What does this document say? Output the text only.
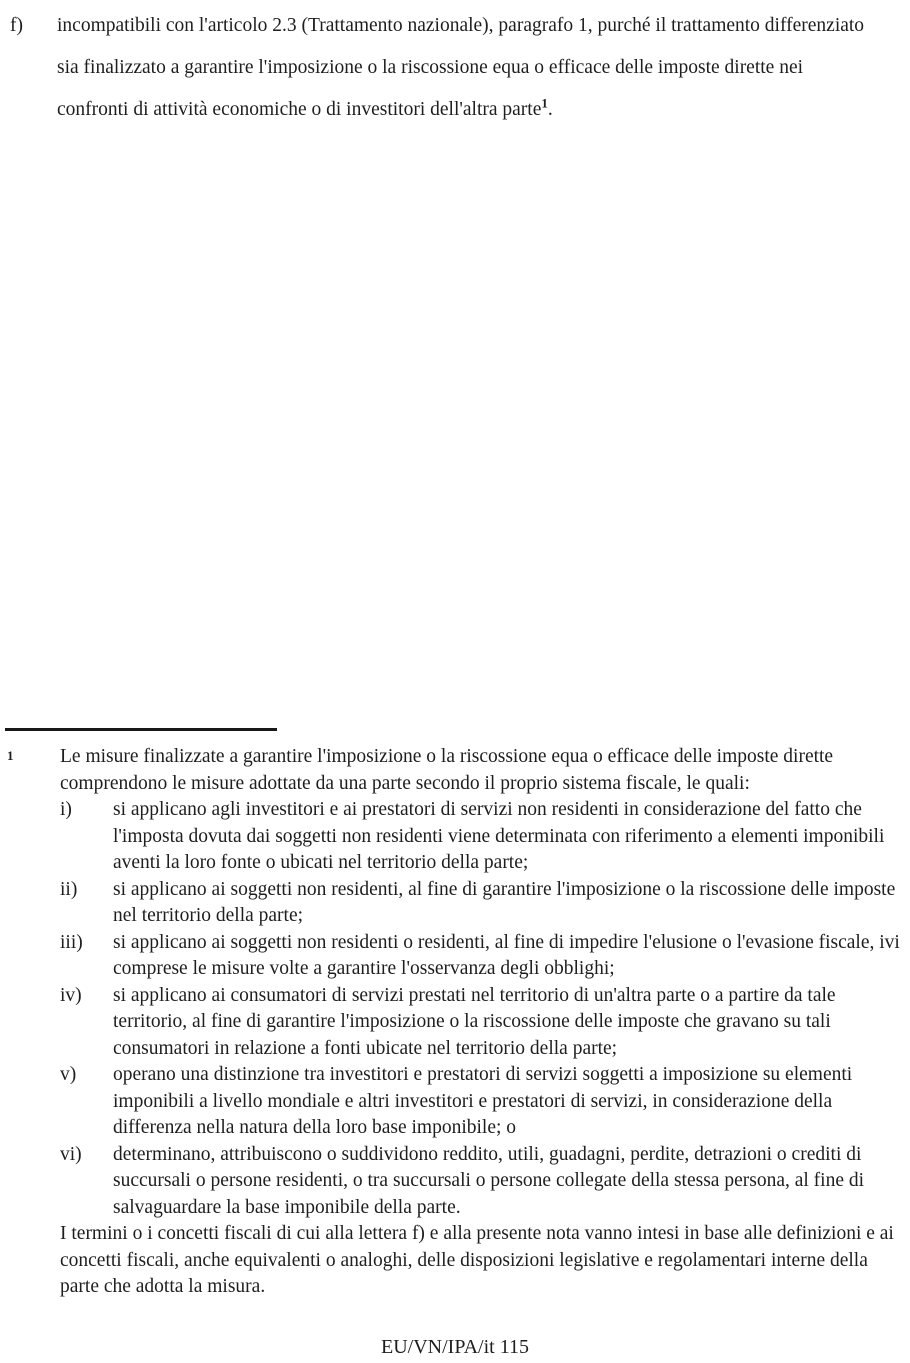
f)	incompatibili con l'articolo 2.3 (Trattamento nazionale), paragrafo 1, purché il trattamento differenziato sia finalizzato a garantire l'imposizione o la riscossione equa o efficace delle imposte dirette nei confronti di attività economiche o di investitori dell'altra parte$^1$.
1	Le misure finalizzate a garantire l'imposizione o la riscossione equa o efficace delle imposte dirette comprendono le misure adottate da una parte secondo il proprio sistema fiscale, le quali:
i)	si applicano agli investitori e ai prestatori di servizi non residenti in considerazione del fatto che l'imposta dovuta dai soggetti non residenti viene determinata con riferimento a elementi imponibili aventi la loro fonte o ubicati nel territorio della parte;
ii)	si applicano ai soggetti non residenti, al fine di garantire l'imposizione o la riscossione delle imposte nel territorio della parte;
iii)	si applicano ai soggetti non residenti o residenti, al fine di impedire l'elusione o l'evasione fiscale, ivi comprese le misure volte a garantire l'osservanza degli obblighi;
iv)	si applicano ai consumatori di servizi prestati nel territorio di un'altra parte o a partire da tale territorio, al fine di garantire l'imposizione o la riscossione delle imposte che gravano su tali consumatori in relazione a fonti ubicate nel territorio della parte;
v)	operano una distinzione tra investitori e prestatori di servizi soggetti a imposizione su elementi imponibili a livello mondiale e altri investitori e prestatori di servizi, in considerazione della differenza nella natura della loro base imponibile; o
vi)	determinano, attribuiscono o suddividono reddito, utili, guadagni, perdite, detrazioni o crediti di succursali o persone residenti, o tra succursali o persone collegate della stessa persona, al fine di salvaguardare la base imponibile della parte.
I termini o i concetti fiscali di cui alla lettera f) e alla presente nota vanno intesi in base alle definizioni e ai concetti fiscali, anche equivalenti o analoghi, delle disposizioni legislative e regolamentari interne della parte che adotta la misura.
EU/VN/IPA/it 115
